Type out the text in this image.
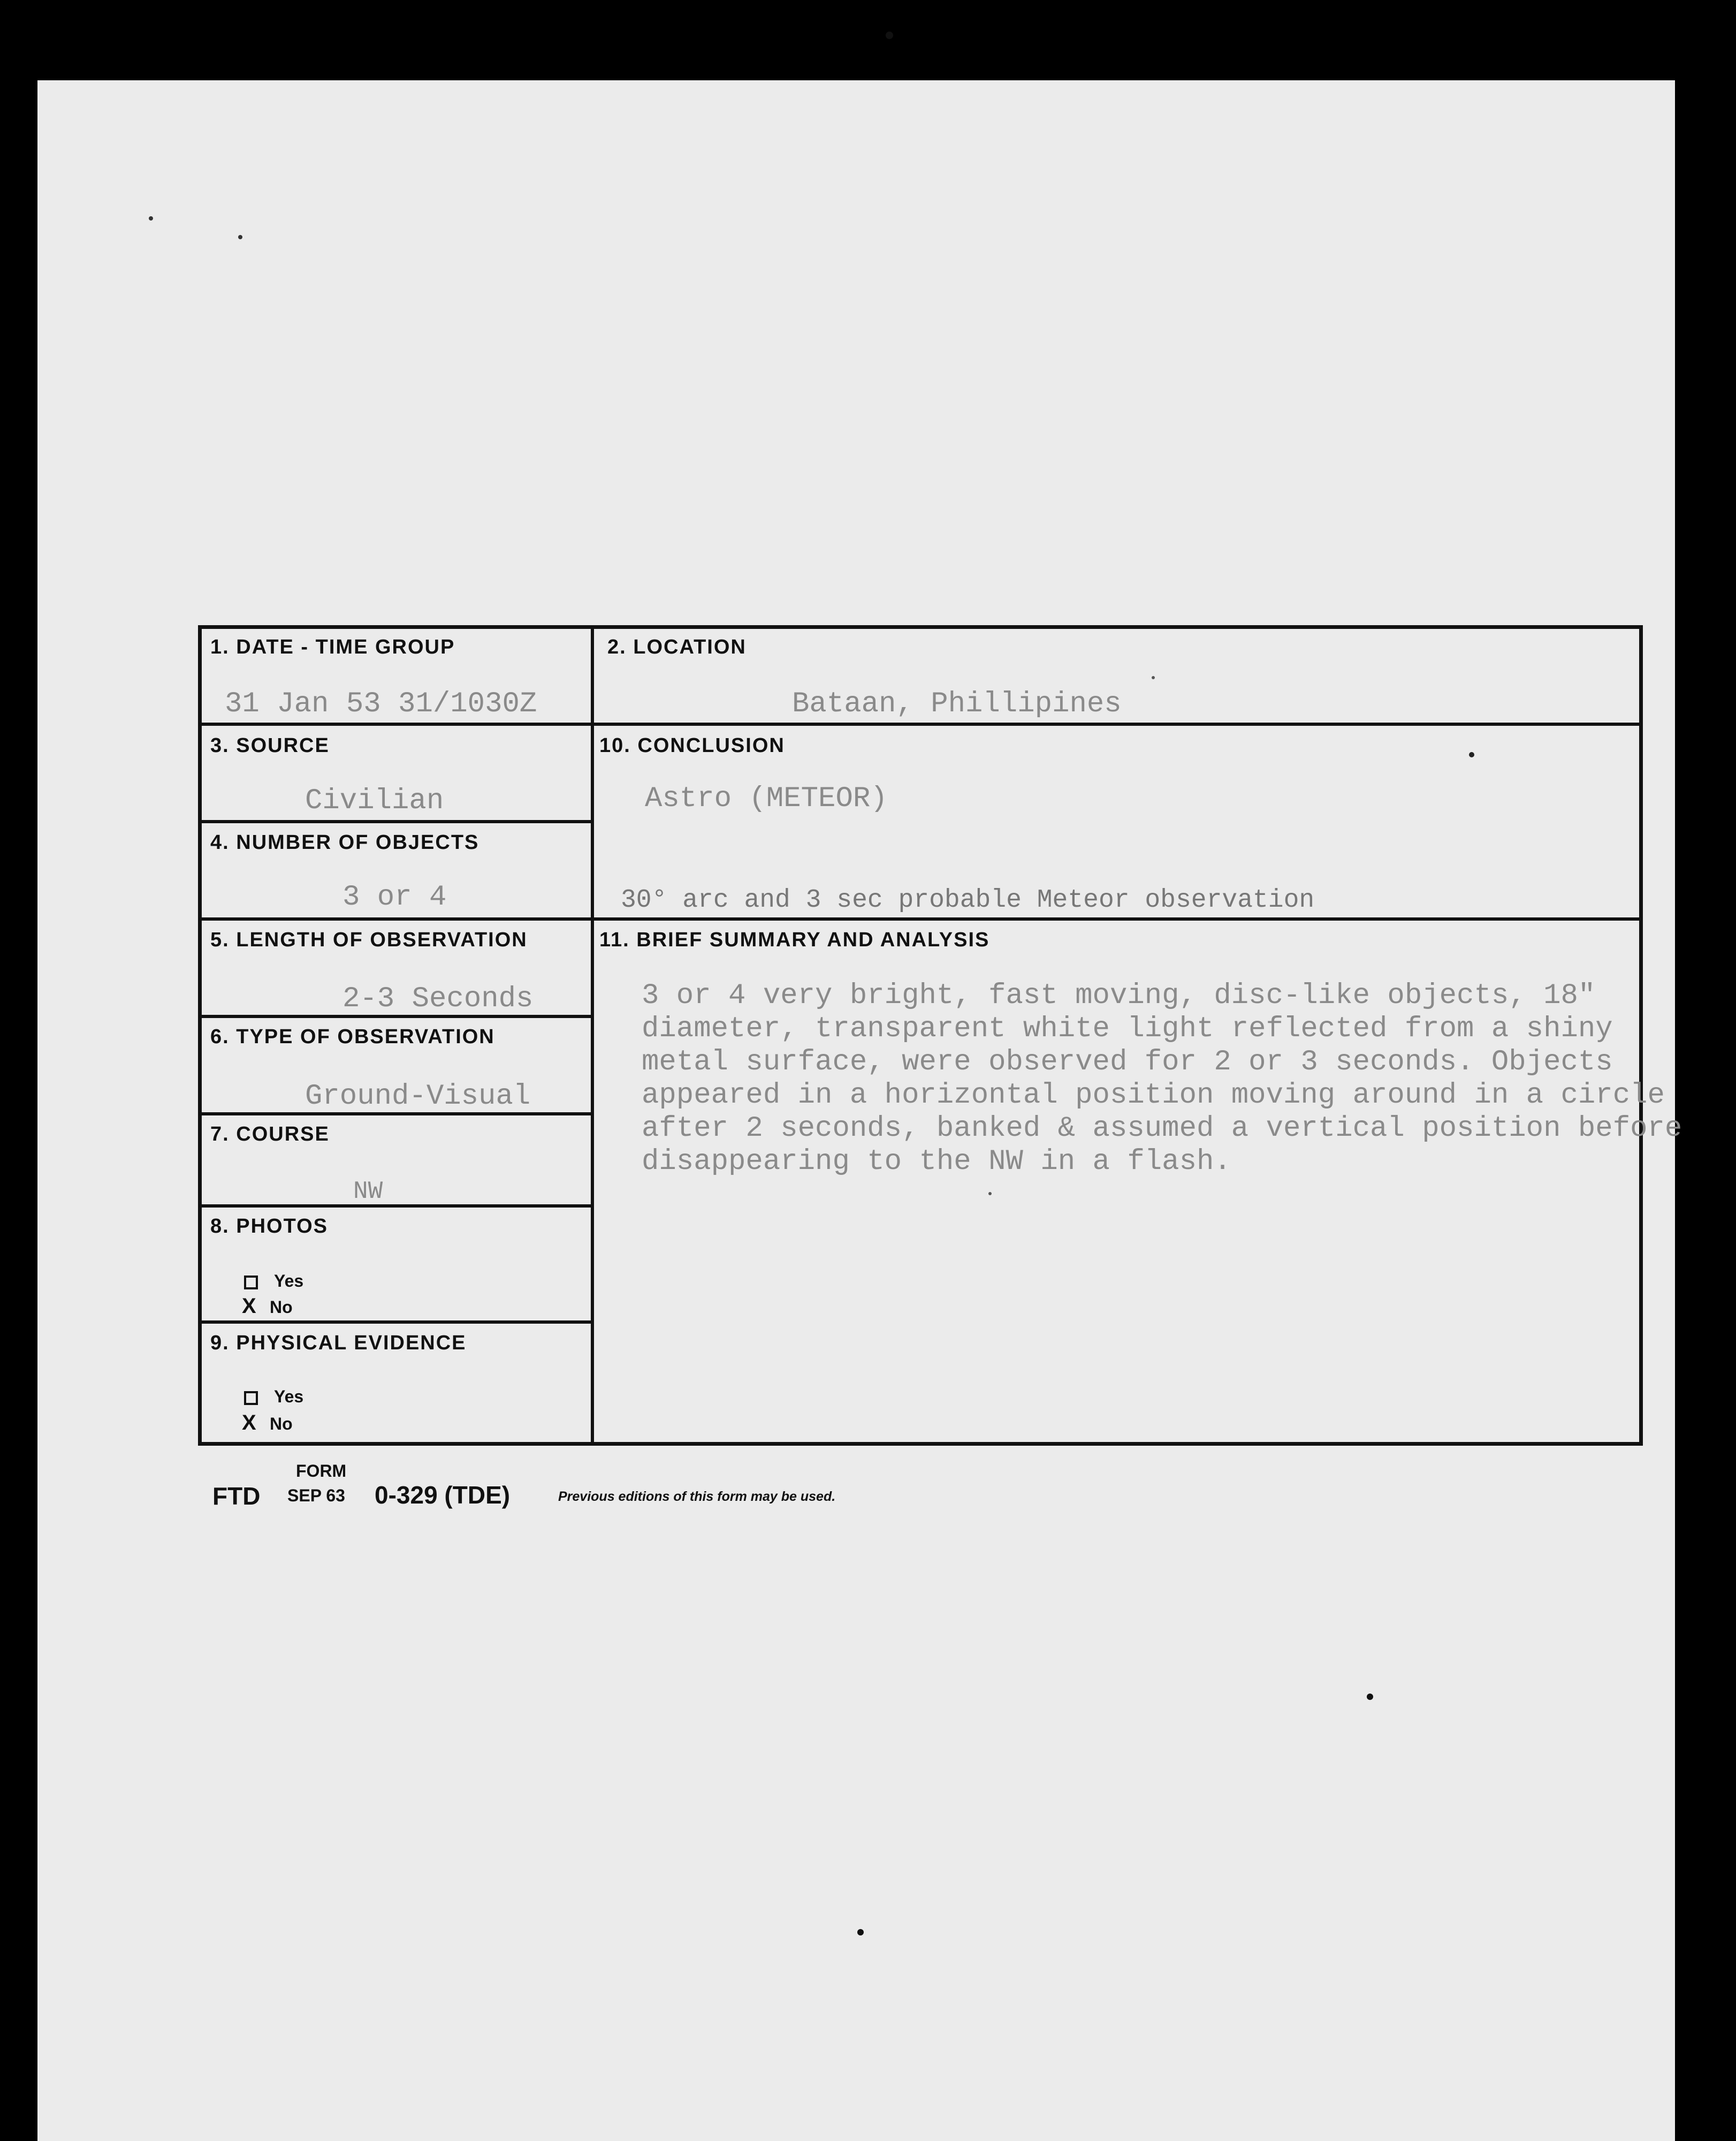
1. DATE - TIME GROUP
31 Jan 53 31/1030Z
2. LOCATION
Bataan, Phillipines
3. SOURCE
Civilian
10. CONCLUSION
Astro (METEOR)
30° arc and 3 sec probable Meteor observation
4. NUMBER OF OBJECTS
3 or 4
5. LENGTH OF OBSERVATION
2-3 Seconds
11. BRIEF SUMMARY AND ANALYSIS
3 or 4 very bright, fast moving, disc-like objects, 18"
diameter, transparent white light reflected from a shiny
metal surface, were observed for 2 or 3 seconds. Objects
appeared in a horizontal position moving around in a circle
after 2 seconds, banked & assumed a vertical position before
disappearing to the NW in a flash.
6. TYPE OF OBSERVATION
Ground-Visual
7. COURSE
NW
8. PHOTOS
Yes
X No
9. PHYSICAL EVIDENCE
Yes
X No
FORM
FTD SEP 63 0-329 (TDE)	Previous editions of this form may be used.
